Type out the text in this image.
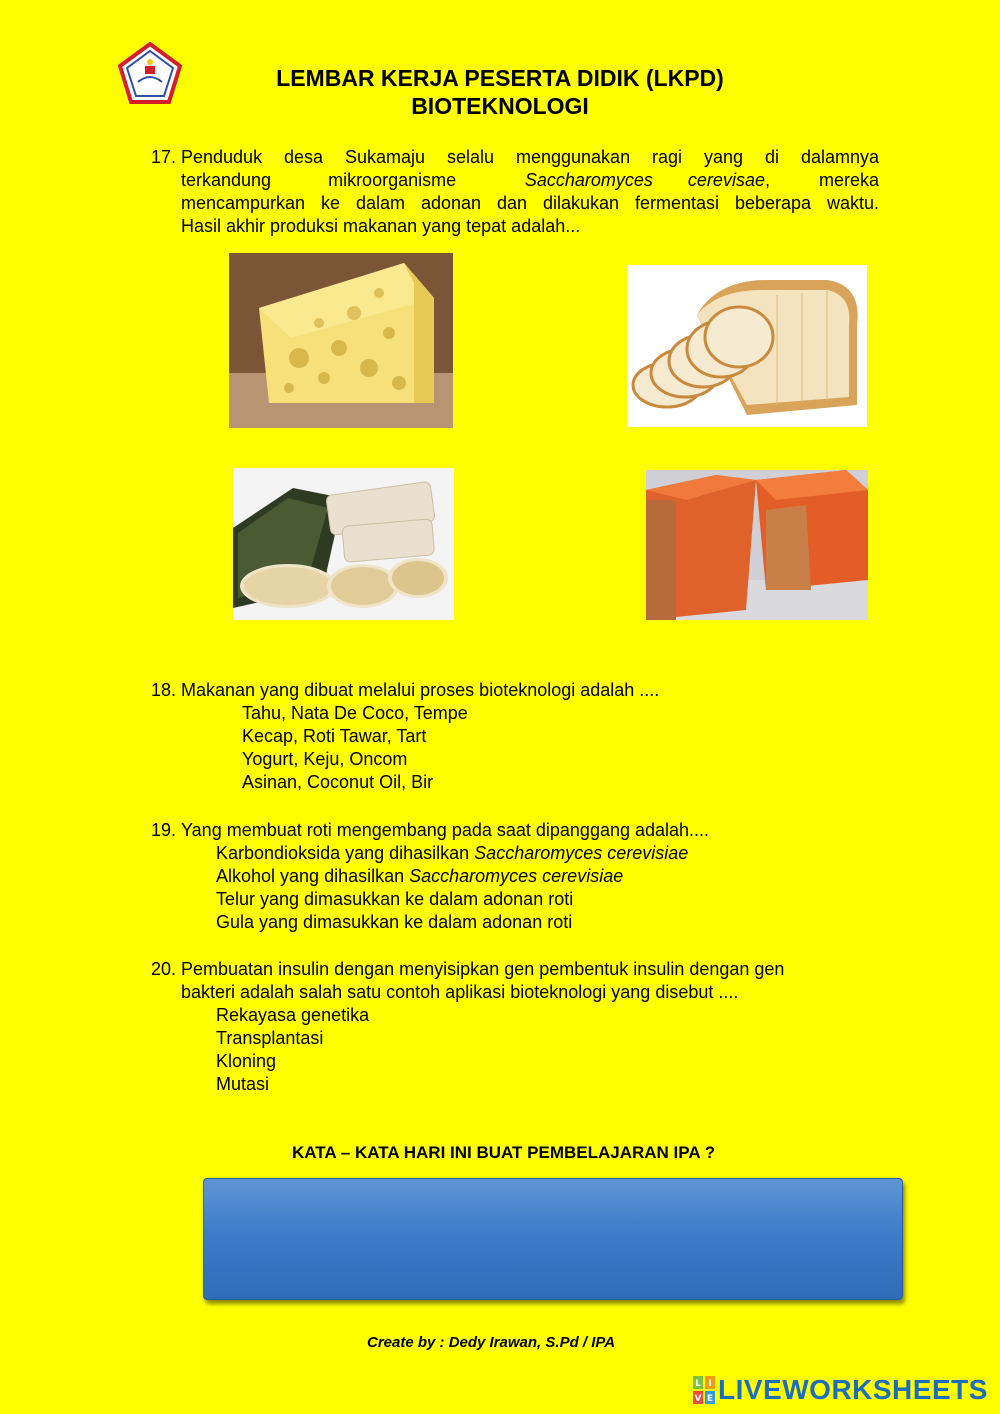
LEMBAR KERJA PESERTA DIDIK (LKPD)
BIOTEKNOLOGI
17. Penduduk desa Sukamaju selalu menggunakan ragi yang di dalamnya
terkandung mikroorganisme	Saccharomyces cerevisae, mereka
mencampurkan ke dalam adonan dan dilakukan fermentasi beberapa waktu.
Hasil akhir produksi makanan yang tepat adalah...
18. Makanan yang dibuat melalui proses bioteknologi adalah ....
Tahu, Nata De Coco, Tempe
Kecap, Roti Tawar, Tart
Yogurt, Keju, Oncom
Asinan, Coconut Oil, Bir
19. Yang membuat roti mengembang pada saat dipanggang adalah....
Karbondioksida yang dihasilkan Saccharomyces cerevisiae
Alkohol yang dihasilkan Saccharomyces cerevisiae
Telur yang dimasukkan ke dalam adonan roti
Gula yang dimasukkan ke dalam adonan roti
20. Pembuatan insulin dengan menyisipkan gen pembentuk insulin dengan gen
bakteri adalah salah satu contoh aplikasi bioteknologi yang disebut ....
Rekayasa genetika
Transplantasi
Kloning
Mutasi
KATA – KATA HARI INI BUAT PEMBELAJARAN IPA ?
Create by : Dedy Irawan, S.Pd / IPA
L I
V E LIVEWORKSHEETS
